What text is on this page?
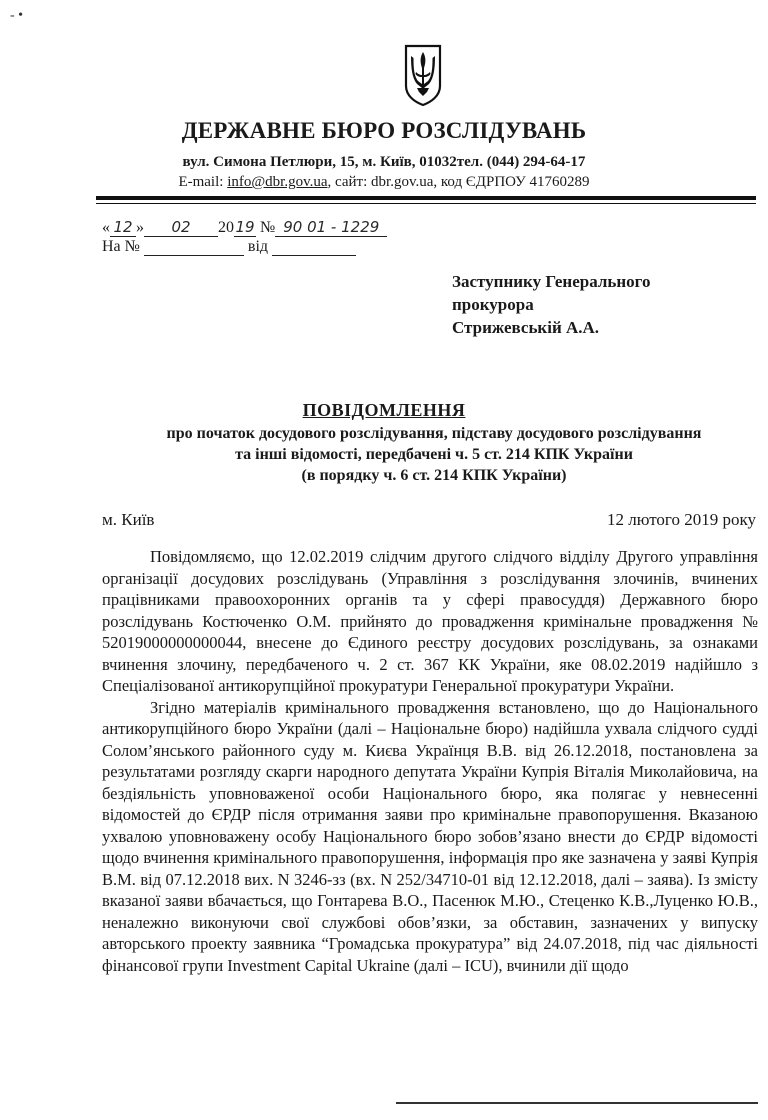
- •
ДЕРЖАВНЕ БЮРО РОЗСЛІДУВАНЬ
вул. Симона Петлюри, 15, м. Київ, 01032тел. (044) 294-64-17
E-mail: info@dbr.gov.ua, сайт: dbr.gov.ua, код ЄДРПОУ 41760289
« 12 » 02 2019 № 90 01 - 1229
На №	від
Заступнику Генерального
прокурора
Стрижевській А.А.
ПОВІДОМЛЕННЯ
про початок досудового розслідування, підставу досудового розслідування
та інші відомості, передбачені ч. 5 ст. 214 КПК України
(в порядку ч. 6 ст. 214 КПК України)
м. Київ	12 лютого 2019 року

Повідомляємо, що 12.02.2019 слідчим другого слідчого відділу Другого управління організації досудових розслідувань (Управління з розслідування злочинів, вчинених працівниками правоохоронних органів та у сфері правосуддя) Державного бюро розслідувань Костюченко О.М. прийнято до провадження кримінальне провадження № 52019000000000044, внесене до Єдиного реєстру досудових розслідувань, за ознаками вчинення злочину, передбаченого ч. 2 ст. 367 КК України, яке 08.02.2019 надійшло з Спеціалізованої антикорупційної прокуратури Генеральної прокуратури України.

Згідно матеріалів кримінального провадження встановлено, що до Національного антикорупційного бюро України (далі – Національне бюро) надійшла ухвала слідчого судді Солом’янського районного суду м. Києва Українця В.В. від 26.12.2018, постановлена за результатами розгляду скарги народного депутата України Купрія Віталія Миколайовича, на бездіяльність уповноваженої особи Національного бюро, яка полягає у невнесенні відомостей до ЄРДР після отримання заяви про кримінальне правопорушення. Вказаною ухвалою уповноважену особу Національного бюро зобов’язано внести до ЄРДР відомості щодо вчинення кримінального правопорушення, інформація про яке зазначена у заяві Купрія В.М. від 07.12.2018 вих. N 3246-зз (вх. N 252/34710-01 від 12.12.2018, далі – заява). Із змісту вказаної заяви вбачається, що Гонтарева В.О., Пасенюк М.Ю., Стеценко К.В.,Луценко Ю.В., неналежно виконуючи свої службові обов’язки, за обставин, зазначених у випуску авторського проекту заявника “Громадська прокуратура” від 24.07.2018, під час діяльності фінансової групи Investment Capital Ukraine (далі – ICU), вчинили дії щодо
